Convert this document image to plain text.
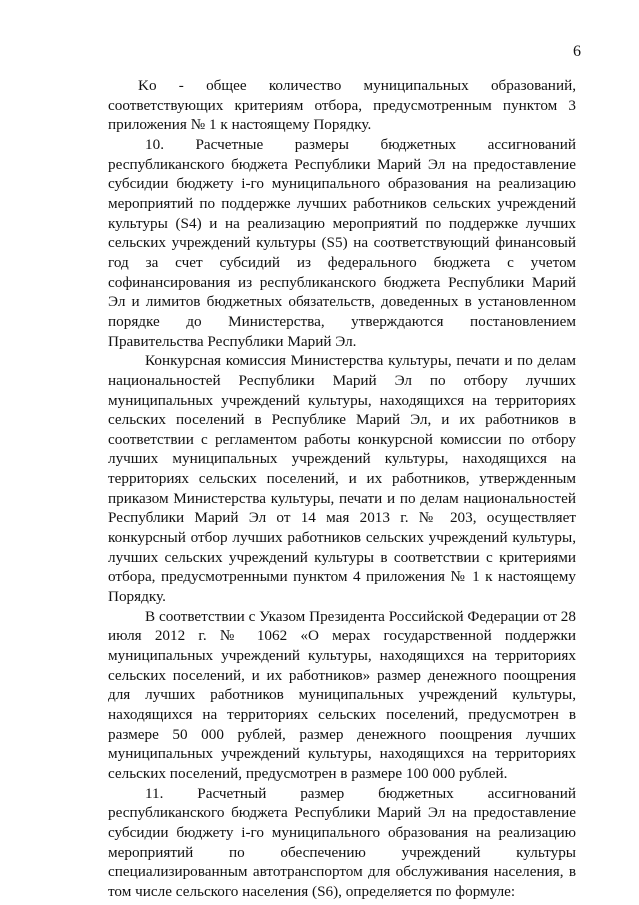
6

Ko - общее количество муниципальных образований, соответствующих критериям отбора, предусмотренным пунктом 3 приложения № 1 к настоящему Порядку.

10. Расчетные размеры бюджетных ассигнований республиканского бюджета Республики Марий Эл на предоставление субсидии бюджету i-го муниципального образования на реализацию мероприятий по поддержке лучших работников сельских учреждений культуры (S4) и на реализацию мероприятий по поддержке лучших сельских учреждений культуры (S5) на соответствующий финансовый год за счет субсидий из федерального бюджета с учетом софинансирования из республиканского бюджета Республики Марий Эл и лимитов бюджетных обязательств, доведенных в установленном порядке до Министерства, утверждаются постановлением Правительства Республики Марий Эл.

Конкурсная комиссия Министерства культуры, печати и по делам национальностей Республики Марий Эл по отбору лучших муниципальных учреждений культуры, находящихся на территориях сельских поселений в Республике Марий Эл, и их работников в соответствии с регламентом работы конкурсной комиссии по отбору лучших муниципальных учреждений культуры, находящихся на территориях сельских поселений, и их работников, утвержденным приказом Министерства культуры, печати и по делам национальностей Республики Марий Эл от 14 мая 2013 г. № 203, осуществляет конкурсный отбор лучших работников сельских учреждений культуры, лучших сельских учреждений культуры в соответствии с критериями отбора, предусмотренными пунктом 4 приложения № 1 к настоящему Порядку.

В соответствии с Указом Президента Российской Федерации от 28 июля 2012 г. № 1062 «О мерах государственной поддержки муниципальных учреждений культуры, находящихся на территориях сельских поселений, и их работников» размер денежного поощрения для лучших работников муниципальных учреждений культуры, находящихся на территориях сельских поселений, предусмотрен в размере 50 000 рублей, размер денежного поощрения лучших муниципальных учреждений культуры, находящихся на территориях сельских поселений, предусмотрен в размере 100 000 рублей.

11. Расчетный размер бюджетных ассигнований республиканского бюджета Республики Марий Эл на предоставление субсидии бюджету i-го муниципального образования на реализацию мероприятий по обеспечению учреждений культуры специализированным автотранспортом для обслуживания населения, в том числе сельского населения (S6), определяется по формуле:
